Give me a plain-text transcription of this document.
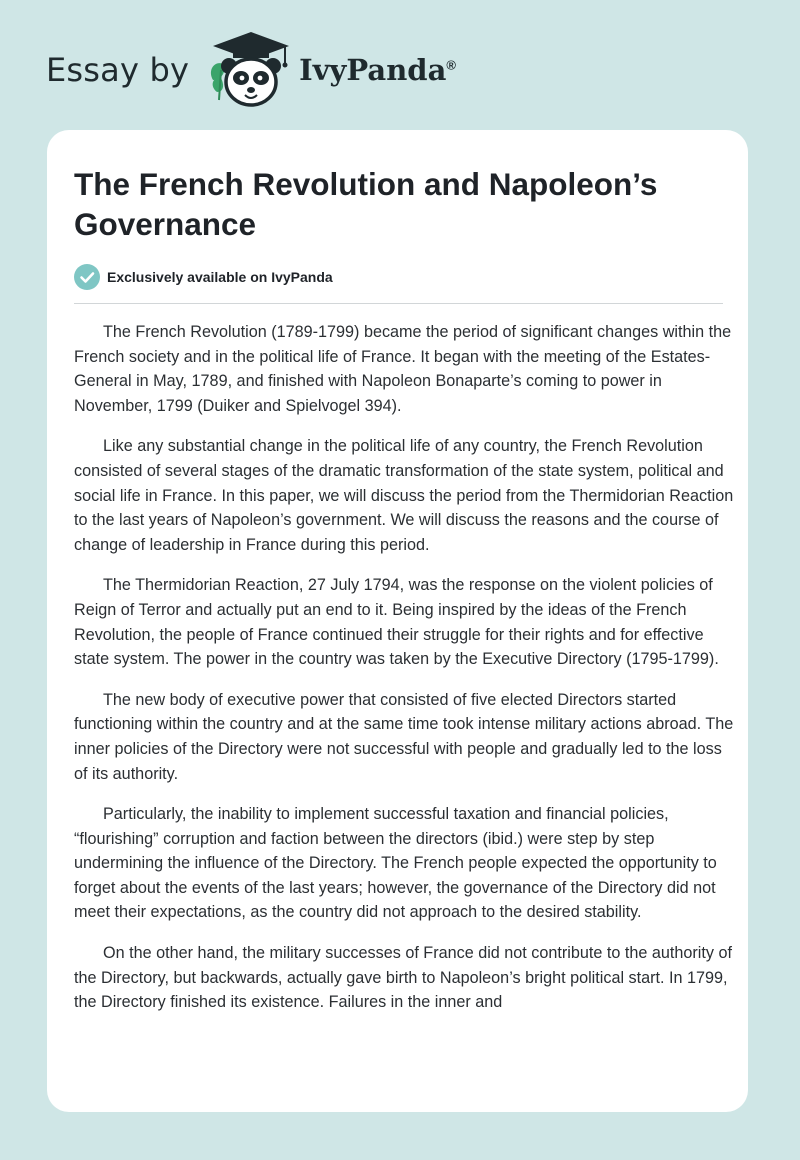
Essay by	IvyPanda®
The French Revolution and Napoleon’s Governance
Exclusively available on IvyPanda

The French Revolution (1789-1799) became the period of significant changes within the French society and in the political life of France. It began with the meeting of the Estates-General in May, 1789, and finished with Napoleon Bonaparte’s coming to power in November, 1799 (Duiker and Spielvogel 394).

Like any substantial change in the political life of any country, the French Revolution consisted of several stages of the dramatic transformation of the state system, political and social life in France. In this paper, we will discuss the period from the Thermidorian Reaction to the last years of Napoleon’s government. We will discuss the reasons and the course of change of leadership in France during this period.

The Thermidorian Reaction, 27 July 1794, was the response on the violent policies of Reign of Terror and actually put an end to it. Being inspired by the ideas of the French Revolution, the people of France continued their struggle for their rights and for effective state system. The power in the country was taken by the Executive Directory (1795-1799).

The new body of executive power that consisted of five elected Directors started functioning within the country and at the same time took intense military actions abroad. The inner policies of the Directory were not successful with people and gradually led to the loss of its authority.

Particularly, the inability to implement successful taxation and financial policies, “flourishing” corruption and faction between the directors (ibid.) were step by step undermining the influence of the Directory. The French people expected the opportunity to forget about the events of the last years; however, the governance of the Directory did not meet their expectations, as the country did not approach to the desired stability.

On the other hand, the military successes of France did not contribute to the authority of the Directory, but backwards, actually gave birth to Napoleon’s bright political start. In 1799, the Directory finished its existence. Failures in the inner and
